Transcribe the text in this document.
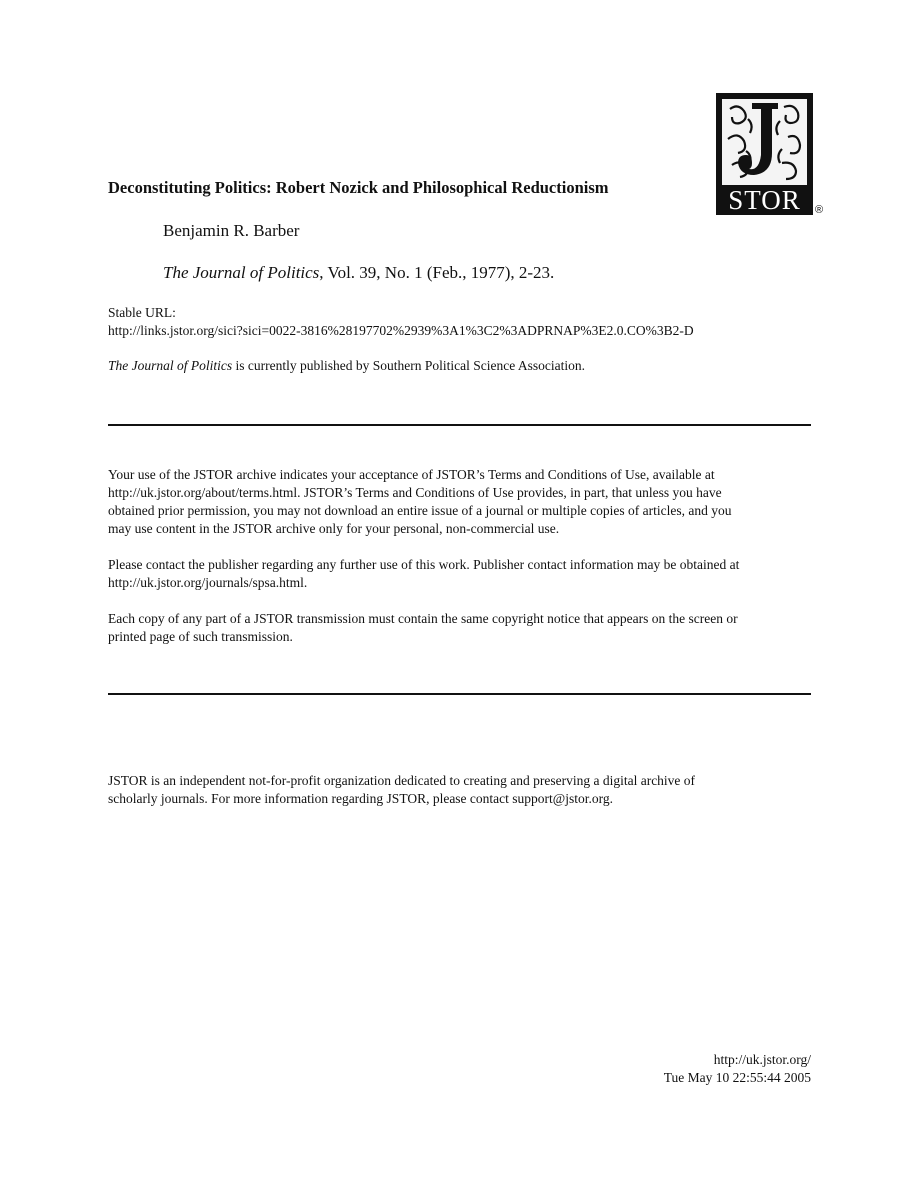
STOR	®
Deconstituting Politics: Robert Nozick and Philosophical Reductionism
Benjamin R. Barber
The Journal of Politics, Vol. 39, No. 1 (Feb., 1977), 2-23.
Stable URL:
http://links.jstor.org/sici?sici=0022-3816%28197702%2939%3A1%3C2%3ADPRNAP%3E2.0.CO%3B2-D
The Journal of Politics is currently published by Southern Political Science Association.
Your use of the JSTOR archive indicates your acceptance of JSTOR’s Terms and Conditions of Use, available at
http://uk.jstor.org/about/terms.html. JSTOR’s Terms and Conditions of Use provides, in part, that unless you have
obtained prior permission, you may not download an entire issue of a journal or multiple copies of articles, and you
may use content in the JSTOR archive only for your personal, non-commercial use.
Please contact the publisher regarding any further use of this work. Publisher contact information may be obtained at
http://uk.jstor.org/journals/spsa.html.
Each copy of any part of a JSTOR transmission must contain the same copyright notice that appears on the screen or
printed page of such transmission.
JSTOR is an independent not-for-profit organization dedicated to creating and preserving a digital archive of
scholarly journals. For more information regarding JSTOR, please contact support@jstor.org.
http://uk.jstor.org/
Tue May 10 22:55:44 2005
